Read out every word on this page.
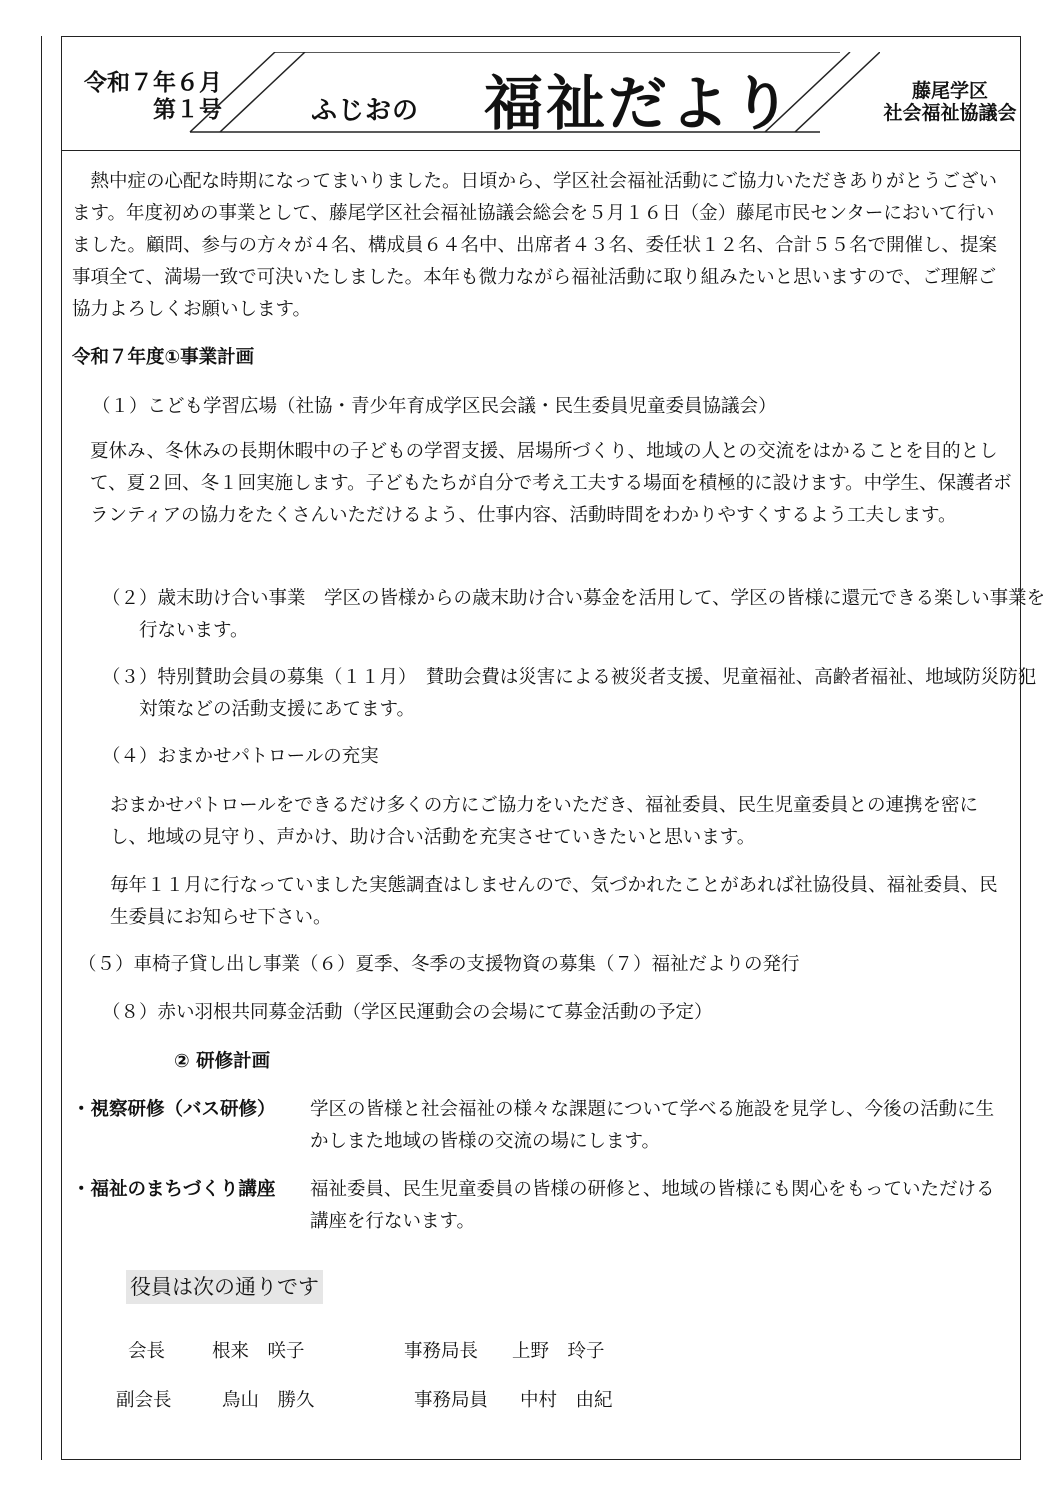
令和７年６月
第１号	ふじおの 福祉だより	藤尾学区
社会福祉協議会
熱中症の心配な時期になってまいりました。日頃から、学区社会福祉活動にご協力いただきありがとうございます。年度初めの事業として、藤尾学区社会福祉協議会総会を５月１６日（金）藤尾市民センターにおいて行いました。顧問、参与の方々が４名、構成員６４名中、出席者４３名、委任状１２名、合計５５名で開催し、提案事項全て、満場一致で可決いたしました。本年も微力ながら福祉活動に取り組みたいと思いますので、ご理解ご協力よろしくお願いします。
令和７年度①事業計画
（１）こども学習広場（社協・青少年育成学区民会議・民生委員児童委員協議会）
夏休み、冬休みの長期休暇中の子どもの学習支援、居場所づくり、地域の人との交流をはかることを目的として、夏２回、冬１回実施します。子どもたちが自分で考え工夫する場面を積極的に設けます。中学生、保護者ボランティアの協力をたくさんいただけるよう、仕事内容、活動時間をわかりやすくするよう工夫します。
（２）歳末助け合い事業　学区の皆様からの歳末助け合い募金を活用して、学区の皆様に還元できる楽しい事業を行ないます。
（３）特別賛助会員の募集（１１月）　賛助会費は災害による被災者支援、児童福祉、高齢者福祉、地域防災防犯対策などの活動支援にあてます。
（４）おまかせパトロールの充実
おまかせパトロールをできるだけ多くの方にご協力をいただき、福祉委員、民生児童委員との連携を密にし、地域の見守り、声かけ、助け合い活動を充実させていきたいと思います。
毎年１１月に行なっていました実態調査はしませんので、気づかれたことがあれば社協役員、福祉委員、民生委員にお知らせ下さい。
（５）車椅子貸し出し事業（６）夏季、冬季の支援物資の募集（７）福祉だよりの発行
（８）赤い羽根共同募金活動（学区民運動会の会場にて募金活動の予定）
② 研修計画
・視察研修（バス研修） 学区の皆様と社会福祉の様々な課題について学べる施設を見学し、今後の活動に生かしまた地域の皆様の交流の場にします。
・福祉のまちづくり講座 福祉委員、民生児童委員の皆様の研修と、地域の皆様にも関心をもっていただける講座を行ないます。
役員は次の通りです
会長	根来　咲子	事務局長 上野　玲子
副会長	鳥山　勝久	事務局員 中村　由紀
